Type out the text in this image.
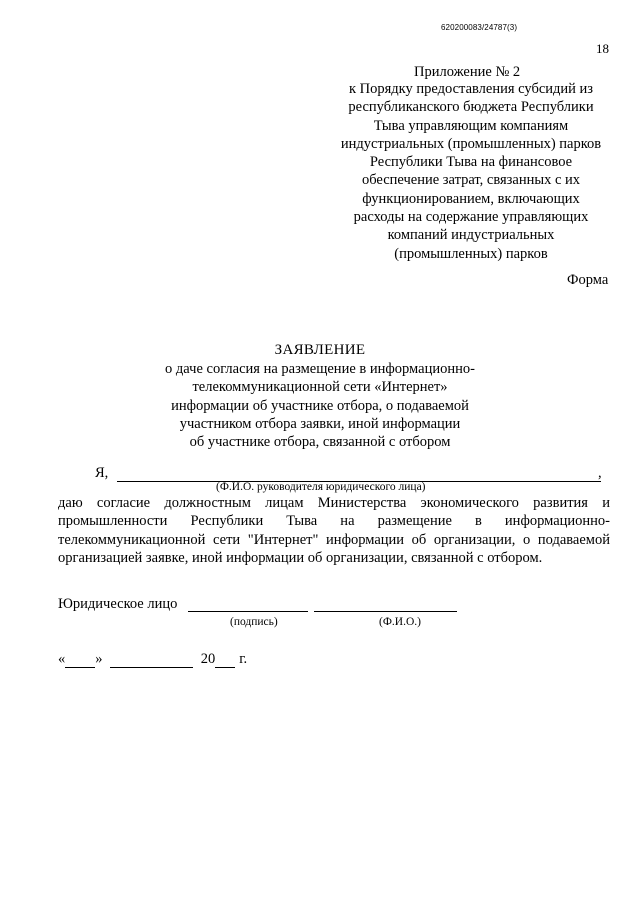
620200083/24787(3)
18
Приложение № 2
к Порядку предоставления субсидий из
республиканского бюджета Республики
Тыва управляющим компаниям
индустриальных (промышленных) парков
Республики Тыва на финансовое
обеспечение затрат, связанных с их
функционированием, включающих
расходы на содержание управляющих
компаний индустриальных
(промышленных) парков
Форма
ЗАЯВЛЕНИЕ
о даче согласия на размещение в информационно-
телекоммуникационной сети «Интернет»
информации об участнике отбора, о подаваемой
участником отбора заявки, иной информации
об участнике отбора, связанной с отбором
Я,	,
(Ф.И.О. руководителя юридического лица)
даю согласие должностным лицам Министерства экономического развития и промышленности Республики Тыва на размещение в информационно-телекоммуникационной сети "Интернет" информации об организации, о подаваемой организацией заявке, иной информации об организации, связанной с отбором.
Юридическое лицо
(подпись)	(Ф.И.О.)
« »	20 г.
